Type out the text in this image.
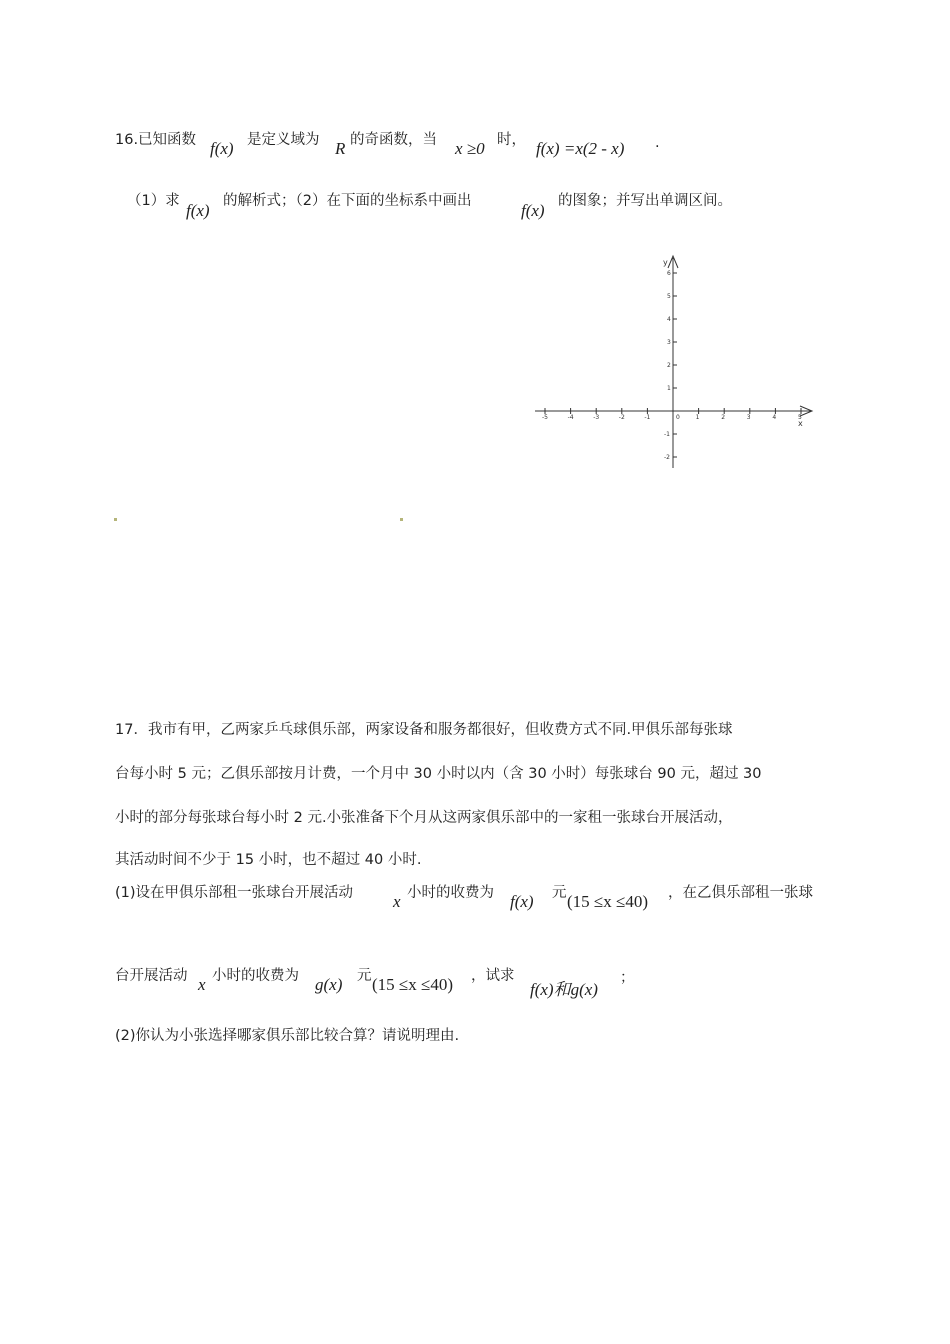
16.已知函数 f(x) 是定义域为 R 的奇函数，当 x ≥0 时， f(x) =x(2 - x) .
（1）求 f(x) 的解析式；（2）在下面的坐标系中画出	f(x) 的图象；并写出单调区间。
x
y
-5	-4	-3	-2	-1	0	1	2	3	4	5
6
5
4
3
2
1
-1
-2
17．我市有甲，乙两家乒乓球俱乐部，两家设备和服务都很好，但收费方式不同.甲俱乐部每张球
台每小时 5 元；乙俱乐部按月计费，一个月中 30 小时以内（含 30 小时）每张球台 90 元，超过 30
小时的部分每张球台每小时 2 元.小张准备下个月从这两家俱乐部中的一家租一张球台开展活动，
其活动时间不少于 15 小时，也不超过 40 小时.
(1)设在甲俱乐部租一张球台开展活动 x 小时的收费为 f(x) 元 (15 ≤x ≤40) ，在乙俱乐部租一张球
台开展活动 x 小时的收费为 g(x) 元 (15 ≤x ≤40) ，试求
f(x)和g(x)
；
(2)你认为小张选择哪家俱乐部比较合算？请说明理由.
